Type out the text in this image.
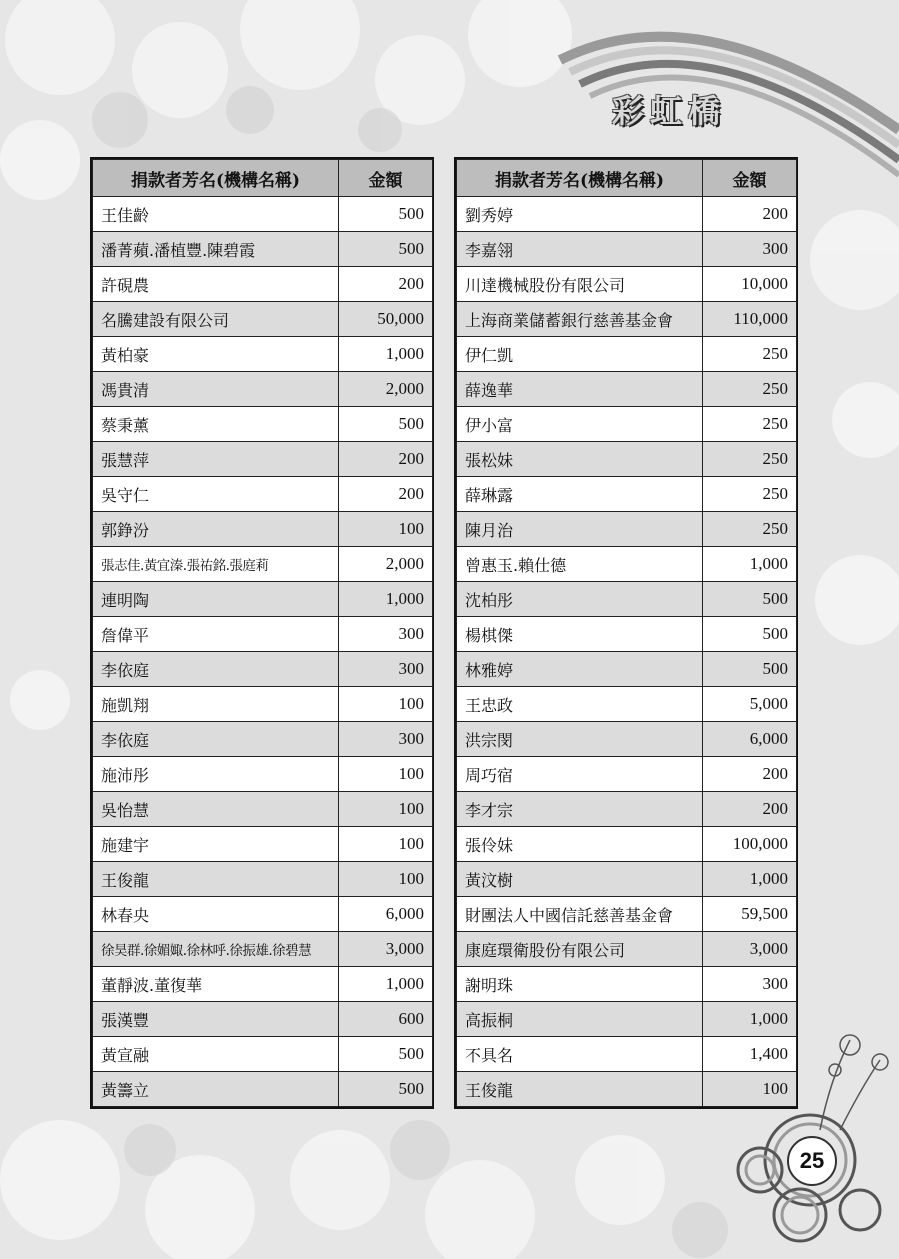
彩虹橋
捐款者芳名(機構名稱)	金額
王佳齡	500
潘菁蘋.潘植豐.陳碧霞	500
許硯農	200
名騰建設有限公司	50,000
黃柏豪	1,000
馮貴清	2,000
蔡秉薰	500
張慧萍	200
吳守仁	200
郭錚汾	100
張志佳.黃宜溱.張祐銘.張庭莉	2,000
連明陶	1,000
詹偉平	300
李依庭	300
施凱翔	100
李依庭	300
施沛彤	100
吳怡慧	100
施建宇	100
王俊龍	100
林春央	6,000
徐昊群.徐媚娵.徐林呼.徐振雄.徐碧慧	3,000
董靜波.董復華	1,000
張漢豐	600
黃宣融	500
黃籌立	500
捐款者芳名(機構名稱)	金額
劉秀婷	200
李嘉翎	300
川達機械股份有限公司	10,000
上海商業儲蓄銀行慈善基金會	110,000
伊仁凱	250
薛逸華	250
伊小富	250
張松妹	250
薛琳露	250
陳月治	250
曾惠玉.賴仕德	1,000
沈柏彤	500
楊棋傑	500
林雅婷	500
王忠政	5,000
洪宗閔	6,000
周巧宿	200
李才宗	200
張伶妹	100,000
黃汶樹	1,000
財團法人中國信託慈善基金會	59,500
康庭環衛股份有限公司	3,000
謝明珠	300
高振桐	1,000
不具名	1,400
王俊龍	100
25
